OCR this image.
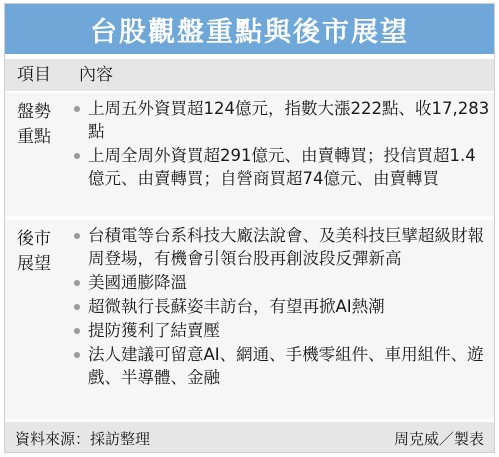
台股觀盤重點與後市展望
項目 內容
盤勢重點
上周五外資買超124億元，指數大漲222點、收17,283點
上周全周外資買超291億元、由賣轉買；投信買超1.4億元、由賣轉買；自營商買超74億元、由賣轉買
後市展望
台積電等台系科技大廠法說會、及美科技巨擘超級財報周登場，有機會引領台股再創波段反彈新高
美國通膨降溫
超微執行長蘇姿丰訪台，有望再掀AI熱潮
提防獲利了結賣壓
法人建議可留意AI、網通、手機零組件、車用組件、遊戲、半導體、金融
資料來源：採訪整理	周克威／製表
